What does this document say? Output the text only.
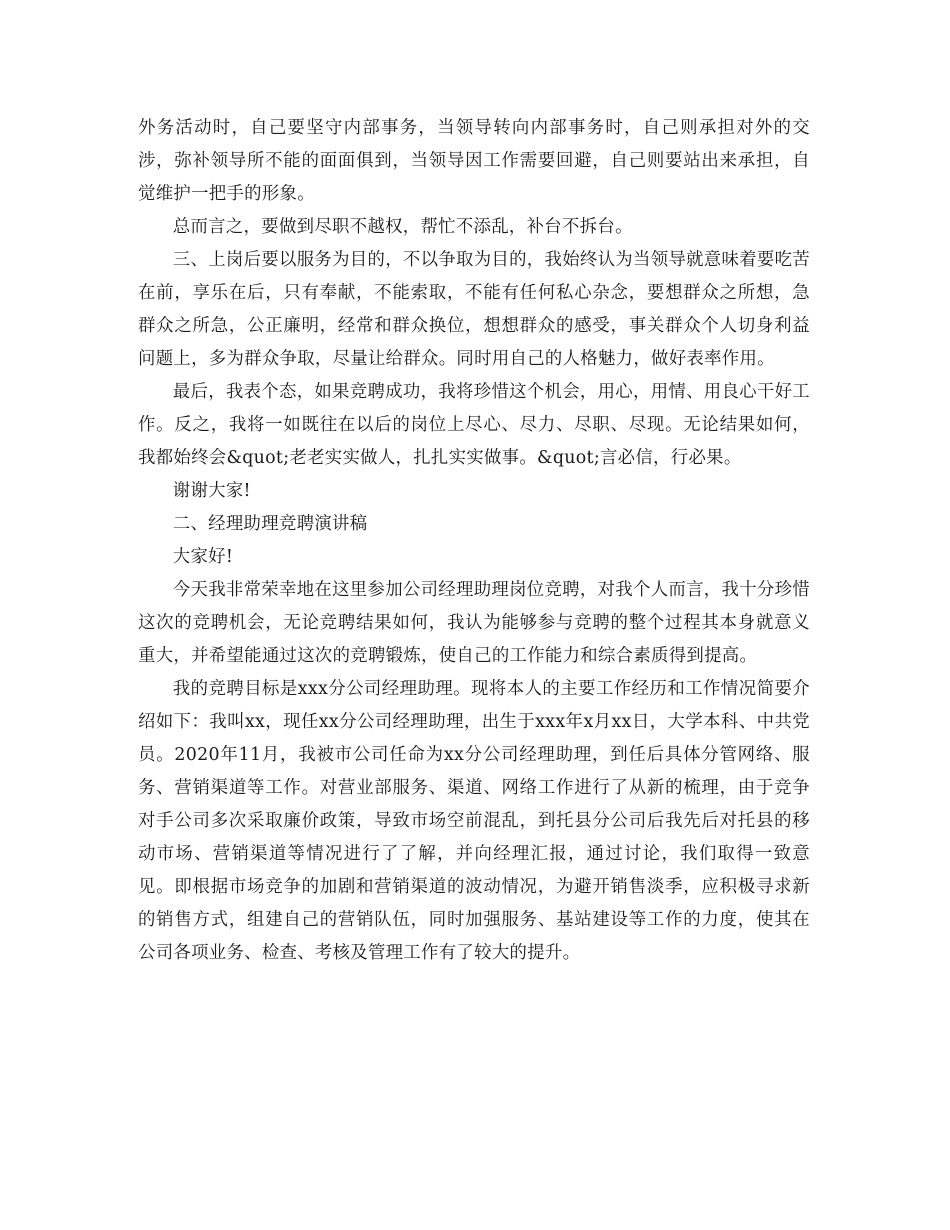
外务活动时，自己要坚守内部事务，当领导转向内部事务时，自己则承担对外的交涉，弥补领导所不能的面面俱到，当领导因工作需要回避，自己则要站出来承担，自觉维护一把手的形象。

总而言之，要做到尽职不越权，帮忙不添乱，补台不拆台。

三、上岗后要以服务为目的，不以争取为目的，我始终认为当领导就意味着要吃苦在前，享乐在后，只有奉献，不能索取，不能有任何私心杂念，要想群众之所想，急群众之所急，公正廉明，经常和群众换位，想想群众的感受，事关群众个人切身利益问题上，多为群众争取，尽量让给群众。同时用自己的人格魅力，做好表率作用。

最后，我表个态，如果竞聘成功，我将珍惜这个机会，用心，用情、用良心干好工作。反之，我将一如既往在以后的岗位上尽心、尽力、尽职、尽现。无论结果如何，我都始终会&quot;老老实实做人，扎扎实实做事。&quot;言必信，行必果。

谢谢大家!

二、经理助理竞聘演讲稿

大家好!

今天我非常荣幸地在这里参加公司经理助理岗位竞聘，对我个人而言，我十分珍惜这次的竞聘机会，无论竞聘结果如何，我认为能够参与竞聘的整个过程其本身就意义重大，并希望能通过这次的竞聘锻炼，使自己的工作能力和综合素质得到提高。

我的竞聘目标是xxx分公司经理助理。现将本人的主要工作经历和工作情况简要介绍如下：我叫xx，现任xx分公司经理助理，出生于xxx年x月xx日，大学本科、中共党员。2020年11月，我被市公司任命为xx分公司经理助理，到任后具体分管网络、服务、营销渠道等工作。对营业部服务、渠道、网络工作进行了从新的梳理，由于竞争对手公司多次采取廉价政策，导致市场空前混乱，到托县分公司后我先后对托县的移动市场、营销渠道等情况进行了了解，并向经理汇报，通过讨论，我们取得一致意见。即根据市场竞争的加剧和营销渠道的波动情况，为避开销售淡季，应积极寻求新的销售方式，组建自己的营销队伍，同时加强服务、基站建设等工作的力度，使其在公司各项业务、检查、考核及管理工作有了较大的提升。
